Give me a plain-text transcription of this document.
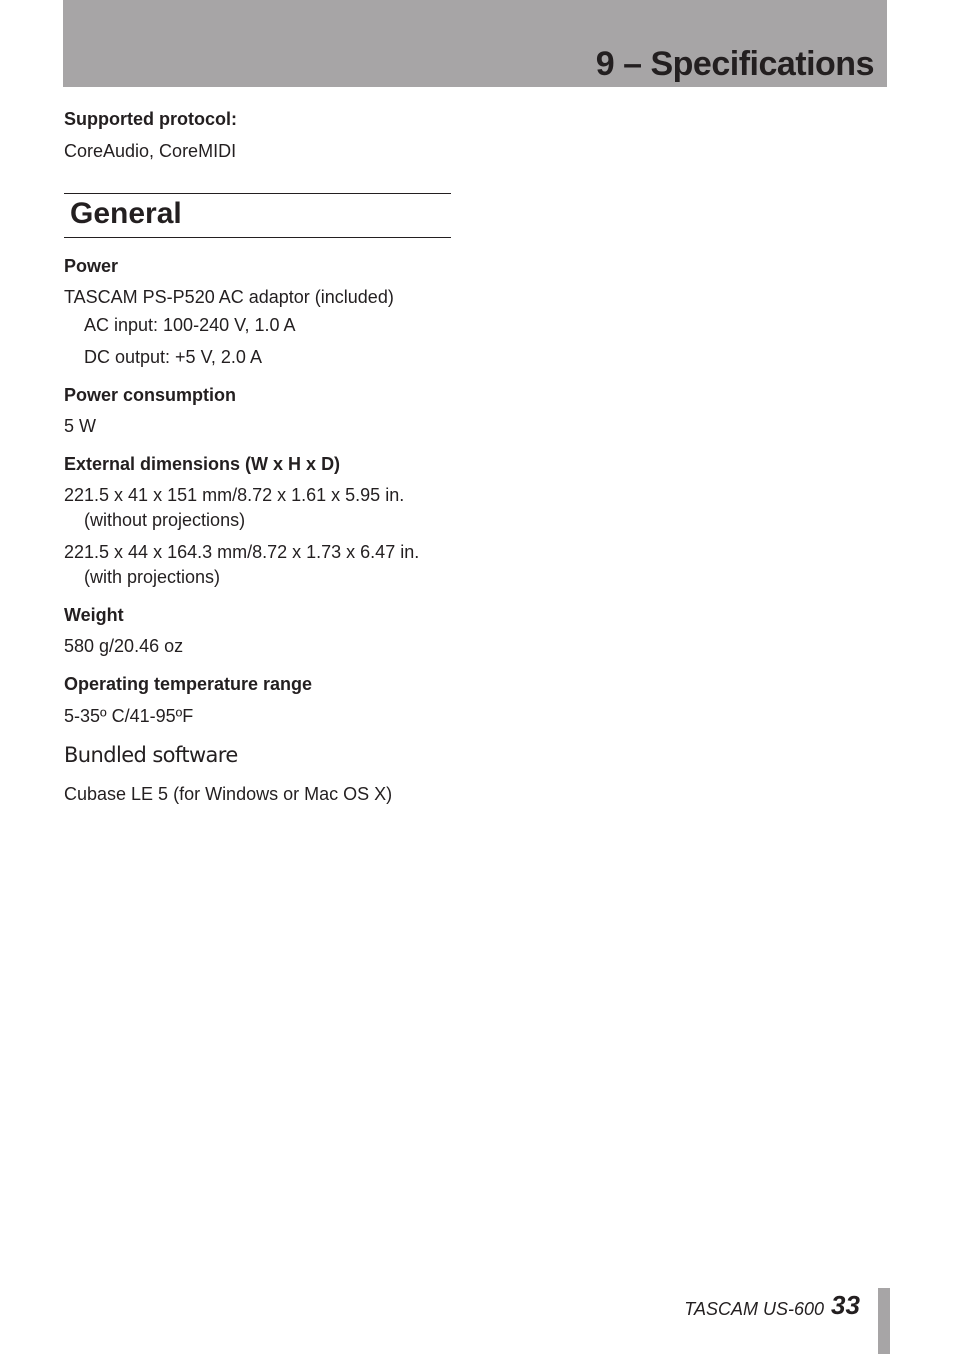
9 – Specifications

Supported protocol:

CoreAudio, CoreMIDI

General

Power

TASCAM PS-P520 AC adaptor (included)

AC input: 100-240 V, 1.0 A

DC output: +5 V, 2.0 A

Power consumption

5 W

External dimensions (W x H x D)

221.5 x 41 x 151 mm/8.72 x 1.61 x 5.95 in.

(without projections)

221.5 x 44 x 164.3 mm/8.72 x 1.73 x 6.47 in.

(with projections)

Weight

580 g/20.46 oz

Operating temperature range

5-35º C/41-95ºF

Bundled software

Cubase LE 5 (for Windows or Mac OS X)

TASCAM US-600 33
